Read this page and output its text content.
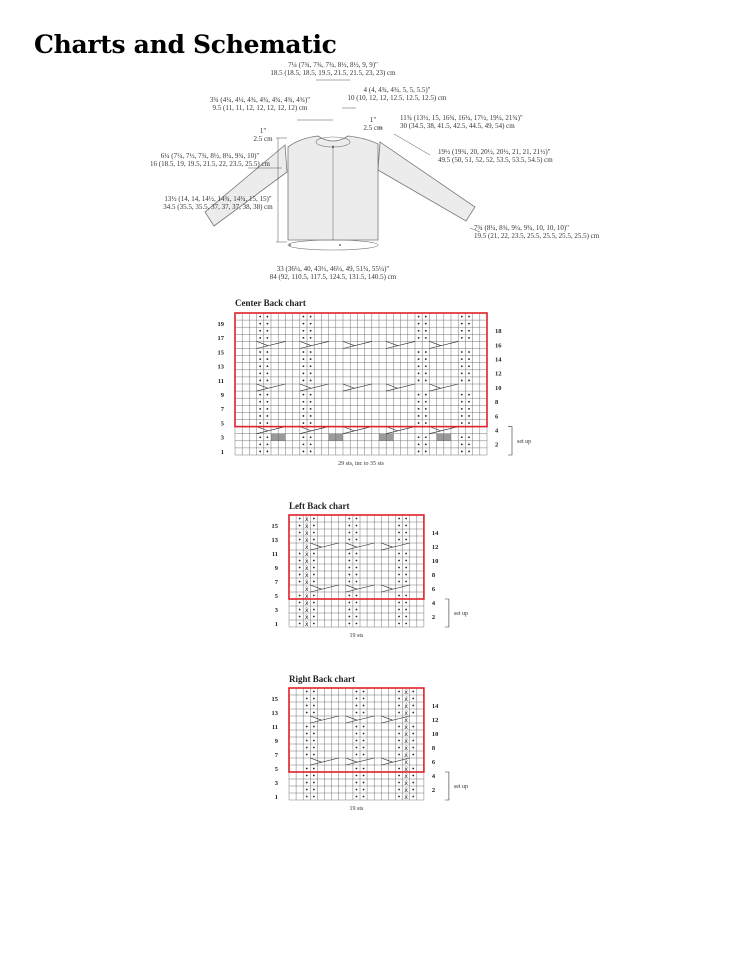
Charts and Schematic
7¼ (7¾, 7¾, 7¾, 8½, 8½, 9, 9)"
18.5 (18.5, 18.5, 19.5, 21.5, 21.5, 23, 23) cm
3¾ (4¼, 4¼, 4¾, 4¾, 4¾, 4¾, 4¾)"
9.5 (11, 11, 12, 12, 12, 12, 12) cm
4 (4, 4¾, 4¾, 5, 5, 5.5)"
10 (10, 12, 12, 12.5, 12.5, 12.5) cm
1"
2.5 cm
1"
2.5 cm
11¾ (13½, 15, 16¾, 16¾, 17½, 19¼, 21¾)"
30 (34.5, 38, 41.5, 42.5, 44.5, 49, 54) cm
6¼ (7¼, 7½, 7¾, 8½, 8¾, 9¾, 10)"
16 (18.5, 19, 19.5, 21.5, 22, 23.5, 25.5) cm
19½ (19¾, 20, 20½, 20½, 21, 21, 21½)"
49.5 (50, 51, 52, 52, 53.5, 53.5, 54.5) cm
13½ (14, 14, 14½, 14¾, 14¾, 15, 15)"
34.5 (35.5, 35.5, 37, 37, 37, 38, 38) cm
7¾ (8¼, 8¾, 9¼, 9¾, 10, 10, 10)"
19.5 (21, 22, 23.5, 25.5, 25.5, 25.5, 25.5) cm
33 (36¼, 40, 43½, 46¼, 49, 51¾, 55¼)"
84 (92, 110.5, 117.5, 124.5, 131.5, 140.5) cm
Center Back chart
19
17
15
13
11
9
7
5
3
1
18
16
14
12
10
8
6
4
2	set up
29 sts, inc to 35 sts
Left Back chart
ẋ
ẋ
ẋ
ẋ
ẋ
ẋ
ẋ
ẋ
ẋ
ẋ
ẋ
ẋ
ẋ
ẋ
ẋ
ẋ
15
13
11
9
7
5
3
1
14
12
10
8
6
4
2	set up
19 sts
Right Back chart
ẋ
ẋ
ẋ
ẋ
ẋ
ẋ
ẋ
ẋ
ẋ
ẋ
ẋ
ẋ
ẋ
ẋ
ẋ
ẋ
15
13
11
9
7
5
3
1
14
12
10
8
6
4
2	set up
19 sts
